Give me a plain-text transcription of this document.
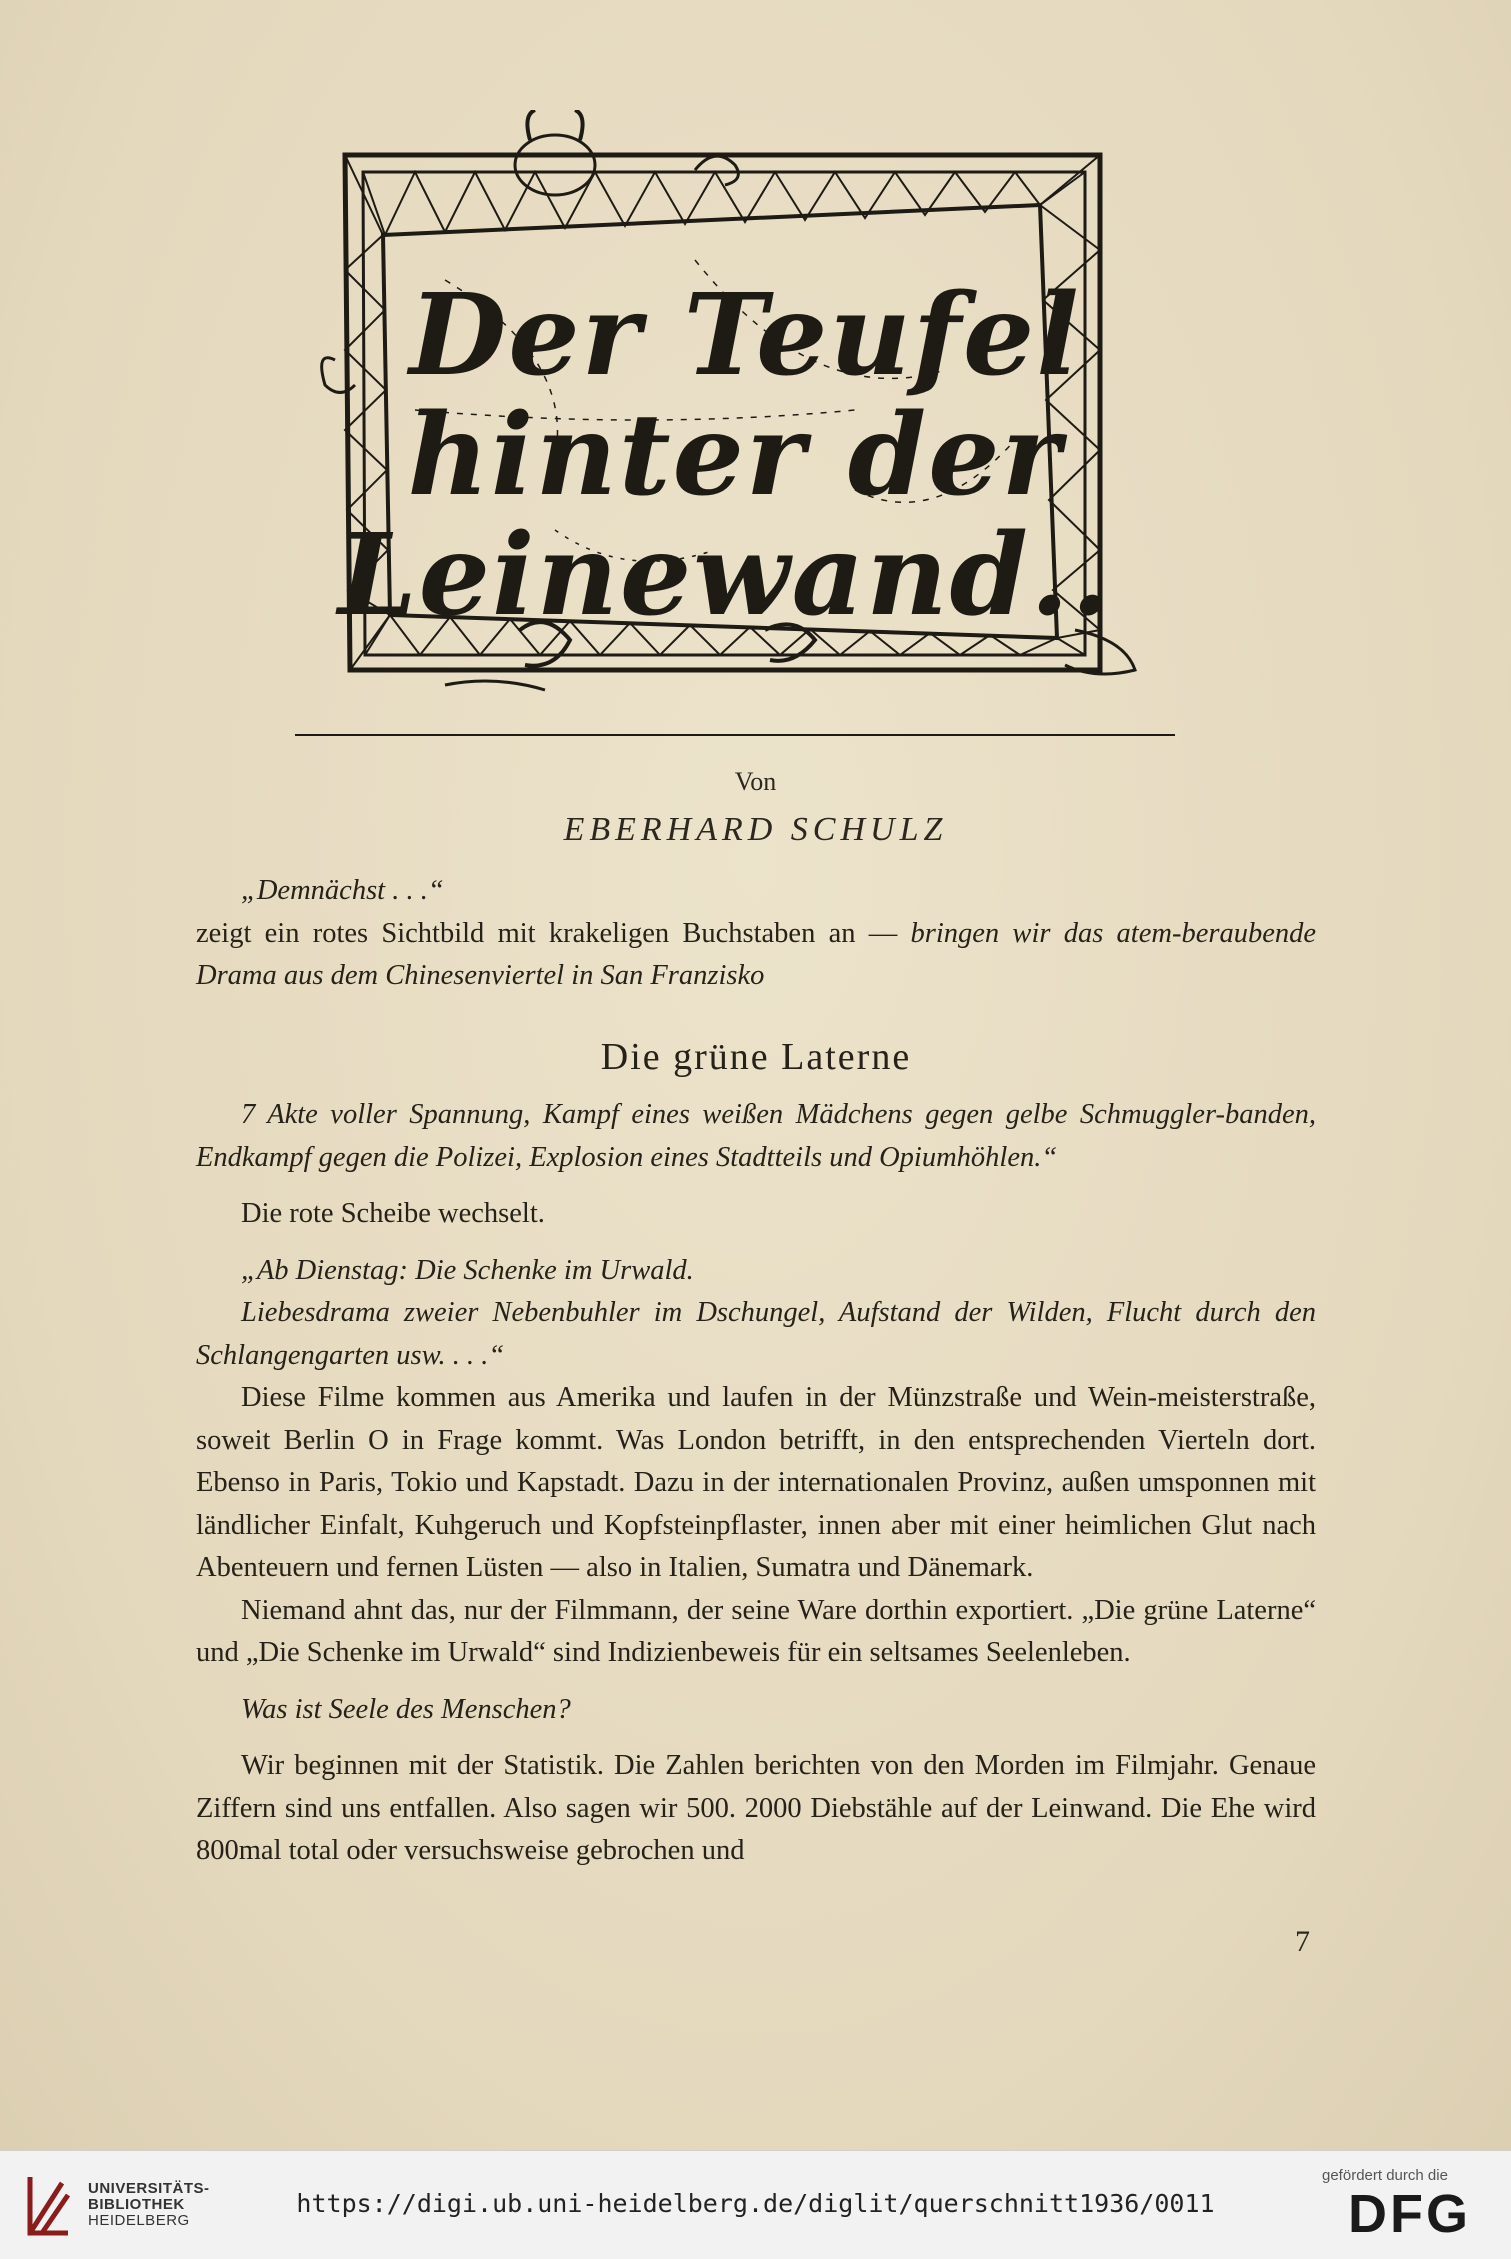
Der Teufel
hinter der
Leinewand..
Von
EBERHARD SCHULZ

„Demnächst . . .“

zeigt ein rotes Sichtbild mit krakeligen Buchstaben an — bringen wir das atem-beraubende Drama aus dem Chinesenviertel in San Franzisko

Die grüne Laterne

7 Akte voller Spannung, Kampf eines weißen Mädchens gegen gelbe Schmuggler-banden, Endkampf gegen die Polizei, Explosion eines Stadtteils und Opiumhöhlen.“

Die rote Scheibe wechselt.

„Ab Dienstag: Die Schenke im Urwald.

Liebesdrama zweier Nebenbuhler im Dschungel, Aufstand der Wilden, Flucht durch den Schlangengarten usw. . . .“

Diese Filme kommen aus Amerika und laufen in der Münzstraße und Wein-meisterstraße, soweit Berlin O in Frage kommt. Was London betrifft, in den entsprechenden Vierteln dort. Ebenso in Paris, Tokio und Kapstadt. Dazu in der internationalen Provinz, außen umsponnen mit ländlicher Einfalt, Kuhgeruch und Kopfsteinpflaster, innen aber mit einer heimlichen Glut nach Abenteuern und fernen Lüsten — also in Italien, Sumatra und Dänemark.

Niemand ahnt das, nur der Filmmann, der seine Ware dorthin exportiert. „Die grüne Laterne“ und „Die Schenke im Urwald“ sind Indizienbeweis für ein seltsames Seelenleben.

Was ist Seele des Menschen?

Wir beginnen mit der Statistik. Die Zahlen berichten von den Morden im Filmjahr. Genaue Ziffern sind uns entfallen. Also sagen wir 500. 2000 Diebstähle auf der Leinwand. Die Ehe wird 800mal total oder versuchsweise gebrochen und

7
UNIVERSITÄTS-
BIBLIOTHEK
HEIDELBERG
https://digi.ub.uni-heidelberg.de/diglit/querschnitt1936/0011
gefördert durch die
DFG
